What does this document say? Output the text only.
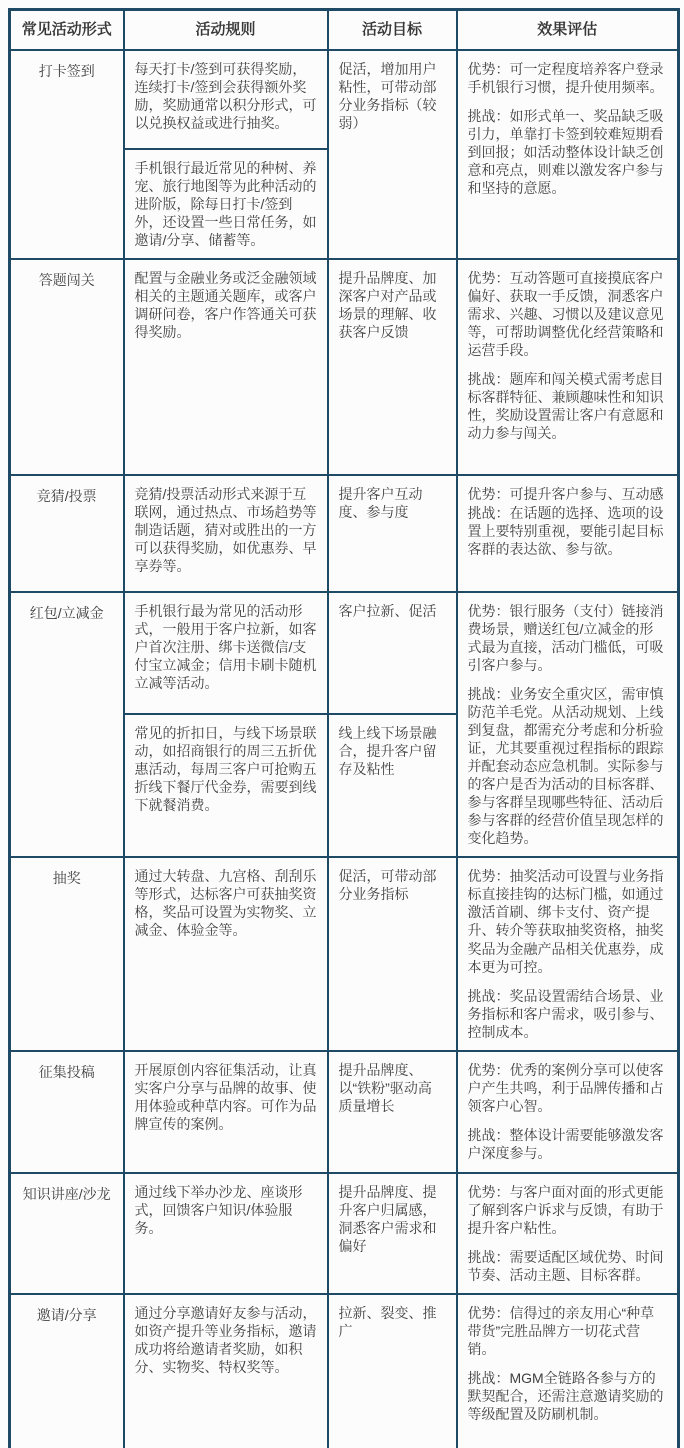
常见活动形式	活动规则	活动目标	效果评估
打卡签到	每天打卡/签到可获得奖励，连续打卡/签到会获得额外奖励，奖励通常以积分形式，可以兑换权益或进行抽奖。	促活，增加用户粘性，可带动部分业务指标（较弱）	优势：可一定程度培养客户登录手机银行习惯，提升使用频率。

挑战：如形式单一、奖品缺乏吸引力，单靠打卡签到较难短期看到回报；如活动整体设计缺乏创意和亮点，则难以激发客户参与和坚持的意愿。

	手机银行最近常见的种树、养宠、旅行地图等为此种活动的进阶版，除每日打卡/签到外，还设置一些日常任务，如邀请/分享、储蓄等。		

答题闯关	配置与金融业务或泛金融领域相关的主题通关题库，或客户调研问卷，客户作答通关可获得奖励。	提升品牌度、加深客户对产品或场景的理解、收获客户反馈	优势：互动答题可直接摸底客户偏好、获取一手反馈，洞悉客户需求、兴趣、习惯以及建议意见等，可帮助调整优化经营策略和运营手段。

挑战：题库和闯关模式需考虑目标客群特征、兼顾趣味性和知识性，奖励设置需让客户有意愿和动力参与闯关。

竞猜/投票	竞猜/投票活动形式来源于互联网，通过热点、市场趋势等制造话题，猜对或胜出的一方可以获得奖励，如优惠券、早享券等。	提升客户互动度、参与度	优势：可提升客户参与、互动感

挑战：在话题的选择、选项的设置上要特别重视，要能引起目标客群的表达欲、参与欲。

红包/立减金	手机银行最为常见的活动形式，一般用于客户拉新，如客户首次注册、绑卡送微信/支付宝立减金；信用卡刷卡随机立减等活动。	客户拉新、促活	优势：银行服务（支付）链接消费场景，赠送红包/立减金的形式最为直接，活动门槛低，可吸引客户参与。

挑战：业务安全重灾区，需审慎防范羊毛党。从活动规划、上线到复盘，都需充分考虑和分析验证，尤其要重视过程指标的跟踪并配套动态应急机制。实际参与的客户是否为活动的目标客群、参与客群呈现哪些特征、活动后参与客群的经营价值呈现怎样的变化趋势。

	常见的折扣日，与线下场景联动，如招商银行的周三五折优惠活动，每周三客户可抢购五折线下餐厅代金券，需要到线下就餐消费。	线上线下场景融合，提升客户留存及粘性	

抽奖	通过大转盘、九宫格、刮刮乐等形式，达标客户可获抽奖资格，奖品可设置为实物奖、立减金、体验金等。	促活，可带动部分业务指标	优势：抽奖活动可设置与业务指标直接挂钩的达标门槛，如通过激活首刷、绑卡支付、资产提升、转介等获取抽奖资格，抽奖奖品为金融产品相关优惠券，成本更为可控。

挑战：奖品设置需结合场景、业务指标和客户需求，吸引参与、控制成本。

征集投稿	开展原创内容征集活动，让真实客户分享与品牌的故事、使用体验或种草内容。可作为品牌宣传的案例。	提升品牌度、以“铁粉”驱动高质量增长	优势：优秀的案例分享可以使客户产生共鸣，利于品牌传播和占领客户心智。

挑战：整体设计需要能够激发客户深度参与。

知识讲座/沙龙	通过线下举办沙龙、座谈形式，回馈客户知识/体验服务。	提升品牌度、提升客户归属感，洞悉客户需求和偏好	优势：与客户面对面的形式更能了解到客户诉求与反馈，有助于提升客户粘性。

挑战：需要适配区域优势、时间节奏、活动主题、目标客群。

邀请/分享	通过分享邀请好友参与活动，如资产提升等业务指标，邀请成功将给邀请者奖励，如积分、实物奖、特权奖等。	拉新、裂变、推广	优势：信得过的亲友用心“种草带货”完胜品牌方一切花式营销。

挑战：MGM全链路各参与方的默契配合，还需注意邀请奖励的等级配置及防刷机制。
